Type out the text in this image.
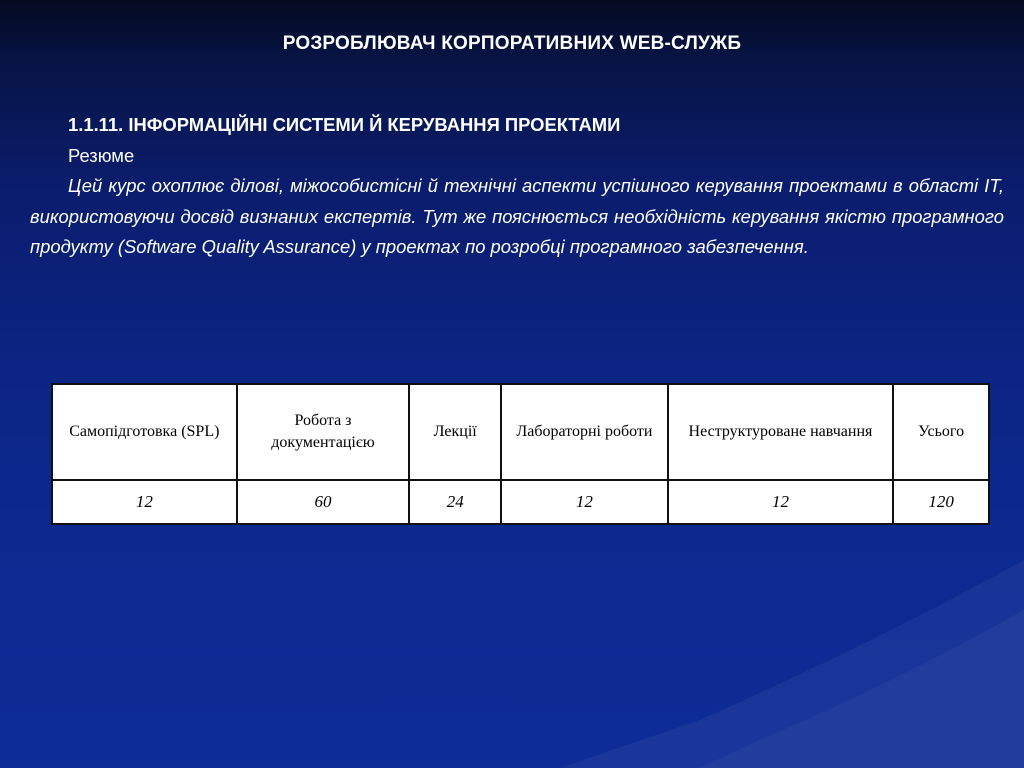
РОЗРОБЛЮВАЧ КОРПОРАТИВНИХ WEB-СЛУЖБ

1.1.11. ІНФОРМАЦІЙНІ СИСТЕМИ Й КЕРУВАННЯ ПРОЕКТАМИ

Резюме

Цей курс охоплює ділові, міжособистісні й технічні аспекти успішного керування проектами в області IT, використовуючи досвід визнаних експертів. Тут же пояснюється необхідність керування якістю програмного продукту (Software Quality Assurance) у проектах по розробці програмного забезпечення.

Самопідготовка (SPL)	Робота з документацією	Лекції	Лабораторні роботи	Неструктуроване навчання	Усього
12	60	24	12	12	120
